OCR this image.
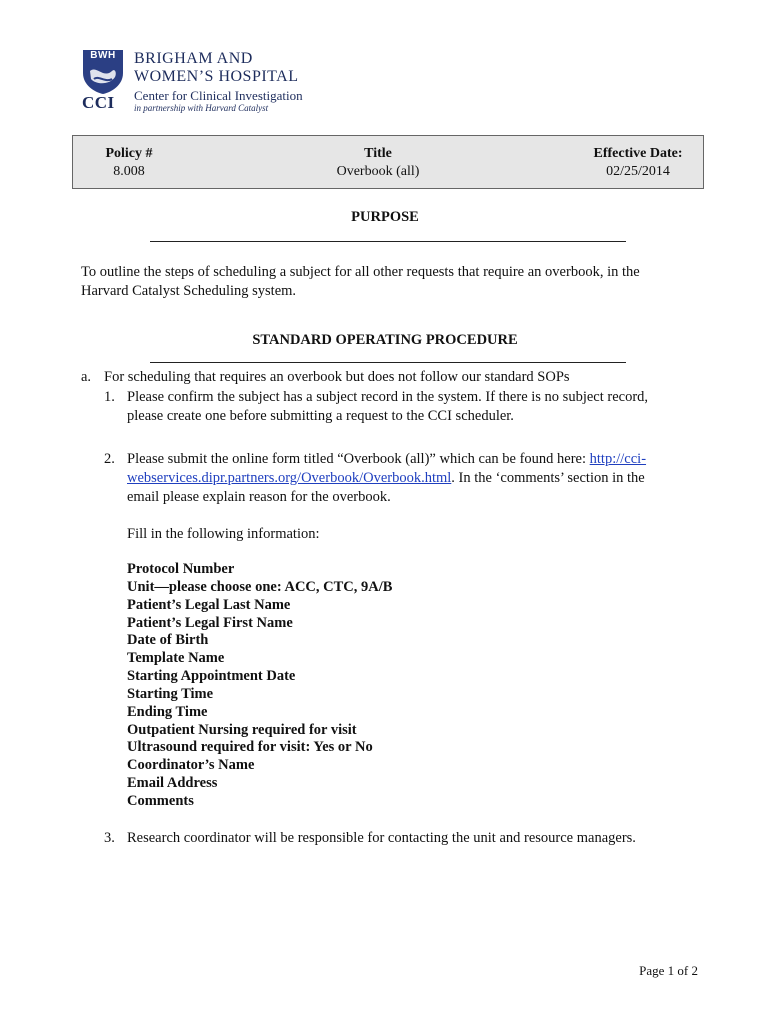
BWH
CCI
BRIGHAM AND
WOMEN’S HOSPITAL
Center for Clinical Investigation
in partnership with Harvard Catalyst
Policy #
8.008
Title
Overbook (all)
Effective Date:
02/25/2014
PURPOSE
To outline the steps of scheduling a subject for all other requests that require an overbook, in the
Harvard Catalyst Scheduling system.
STANDARD OPERATING PROCEDURE
a. For scheduling that requires an overbook but does not follow our standard SOPs
1. Please confirm the subject has a subject record in the system. If there is no subject record,
please create one before submitting a request to the CCI scheduler.
2. Please submit the online form titled “Overbook (all)” which can be found here: http://cci-
webservices.dipr.partners.org/Overbook/Overbook.html. In the ‘comments’ section in the
email please explain reason for the overbook.
Fill in the following information:
Protocol Number
Unit—please choose one: ACC, CTC, 9A/B
Patient’s Legal Last Name
Patient’s Legal First Name
Date of Birth
Template Name
Starting Appointment Date
Starting Time
Ending Time
Outpatient Nursing required for visit
Ultrasound required for visit: Yes or No
Coordinator’s Name
Email Address
Comments
3. Research coordinator will be responsible for contacting the unit and resource managers.
Page 1 of 2
